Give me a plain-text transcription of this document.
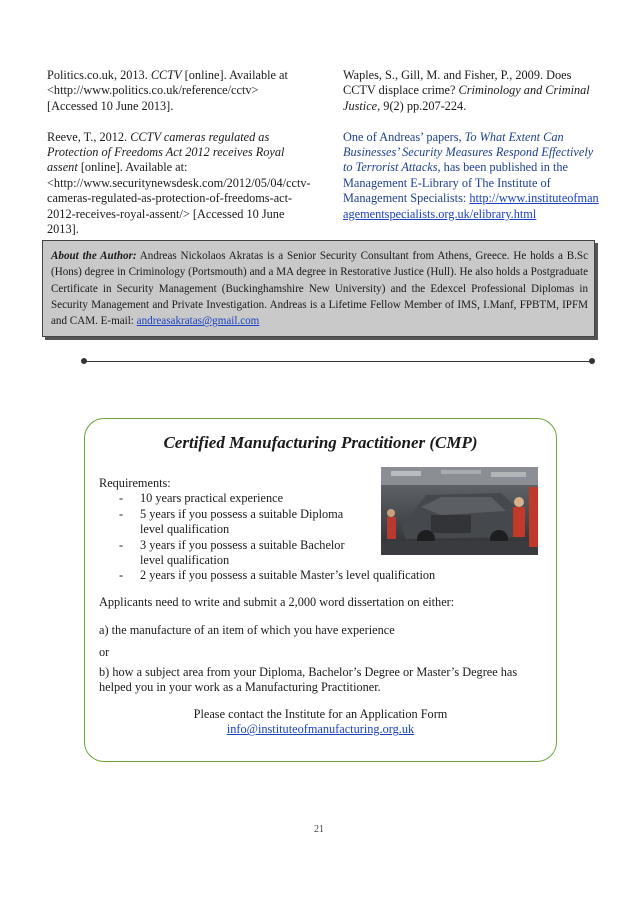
Politics.co.uk, 2013. CCTV [online]. Available at <http://www.politics.co.uk/reference/cctv> [Accessed 10 June 2013].

Reeve, T., 2012. CCTV cameras regulated as Protection of Freedoms Act 2012 receives Royal assent [online]. Available at: <http://www.securitynewsdesk.com/2012/05/04/cctv-cameras-regulated-as-protection-of-freedoms-act-2012-receives-royal-assent/> [Accessed 10 June 2013].

Waples, S., Gill, M. and Fisher, P., 2009. Does CCTV displace crime? Criminology and Criminal Justice, 9(2) pp.207-224.

One of Andreas’ papers, To What Extent Can Businesses’ Security Measures Respond Effectively to Terrorist Attacks, has been published in the Management E-Library of The Institute of Management Specialists: http://www.instituteofmanagementspecialists.org.uk/elibrary.html

About the Author: Andreas Nickolaos Akratas is a Senior Security Consultant from Athens, Greece. He holds a B.Sc (Hons) degree in Criminology (Portsmouth) and a MA degree in Restorative Justice (Hull). He also holds a Postgraduate Certificate in Security Management (Buckinghamshire New University) and the Edexcel Professional Diplomas in Security Management and Private Investigation. Andreas is a Lifetime Fellow Member of IMS, I.Manf, FPBTM, IPFM and CAM. E-mail: andreasakratas@gmail.com
Certified Manufacturing Practitioner (CMP)
Requirements:
- 10 years practical experience
- 5 years if you possess a suitable Diploma level qualification
- 3 years if you possess a suitable Bachelor level qualification
- 2 years if you possess a suitable Master’s level qualification
Applicants need to write and submit a 2,000 word dissertation on either:
a) the manufacture of an item of which you have experience
or
b) how a subject area from your Diploma, Bachelor’s Degree or Master’s Degree has helped you in your work as a Manufacturing Practitioner.
Please contact the Institute for an Application Form
info@instituteofmanufacturing.org.uk
21
